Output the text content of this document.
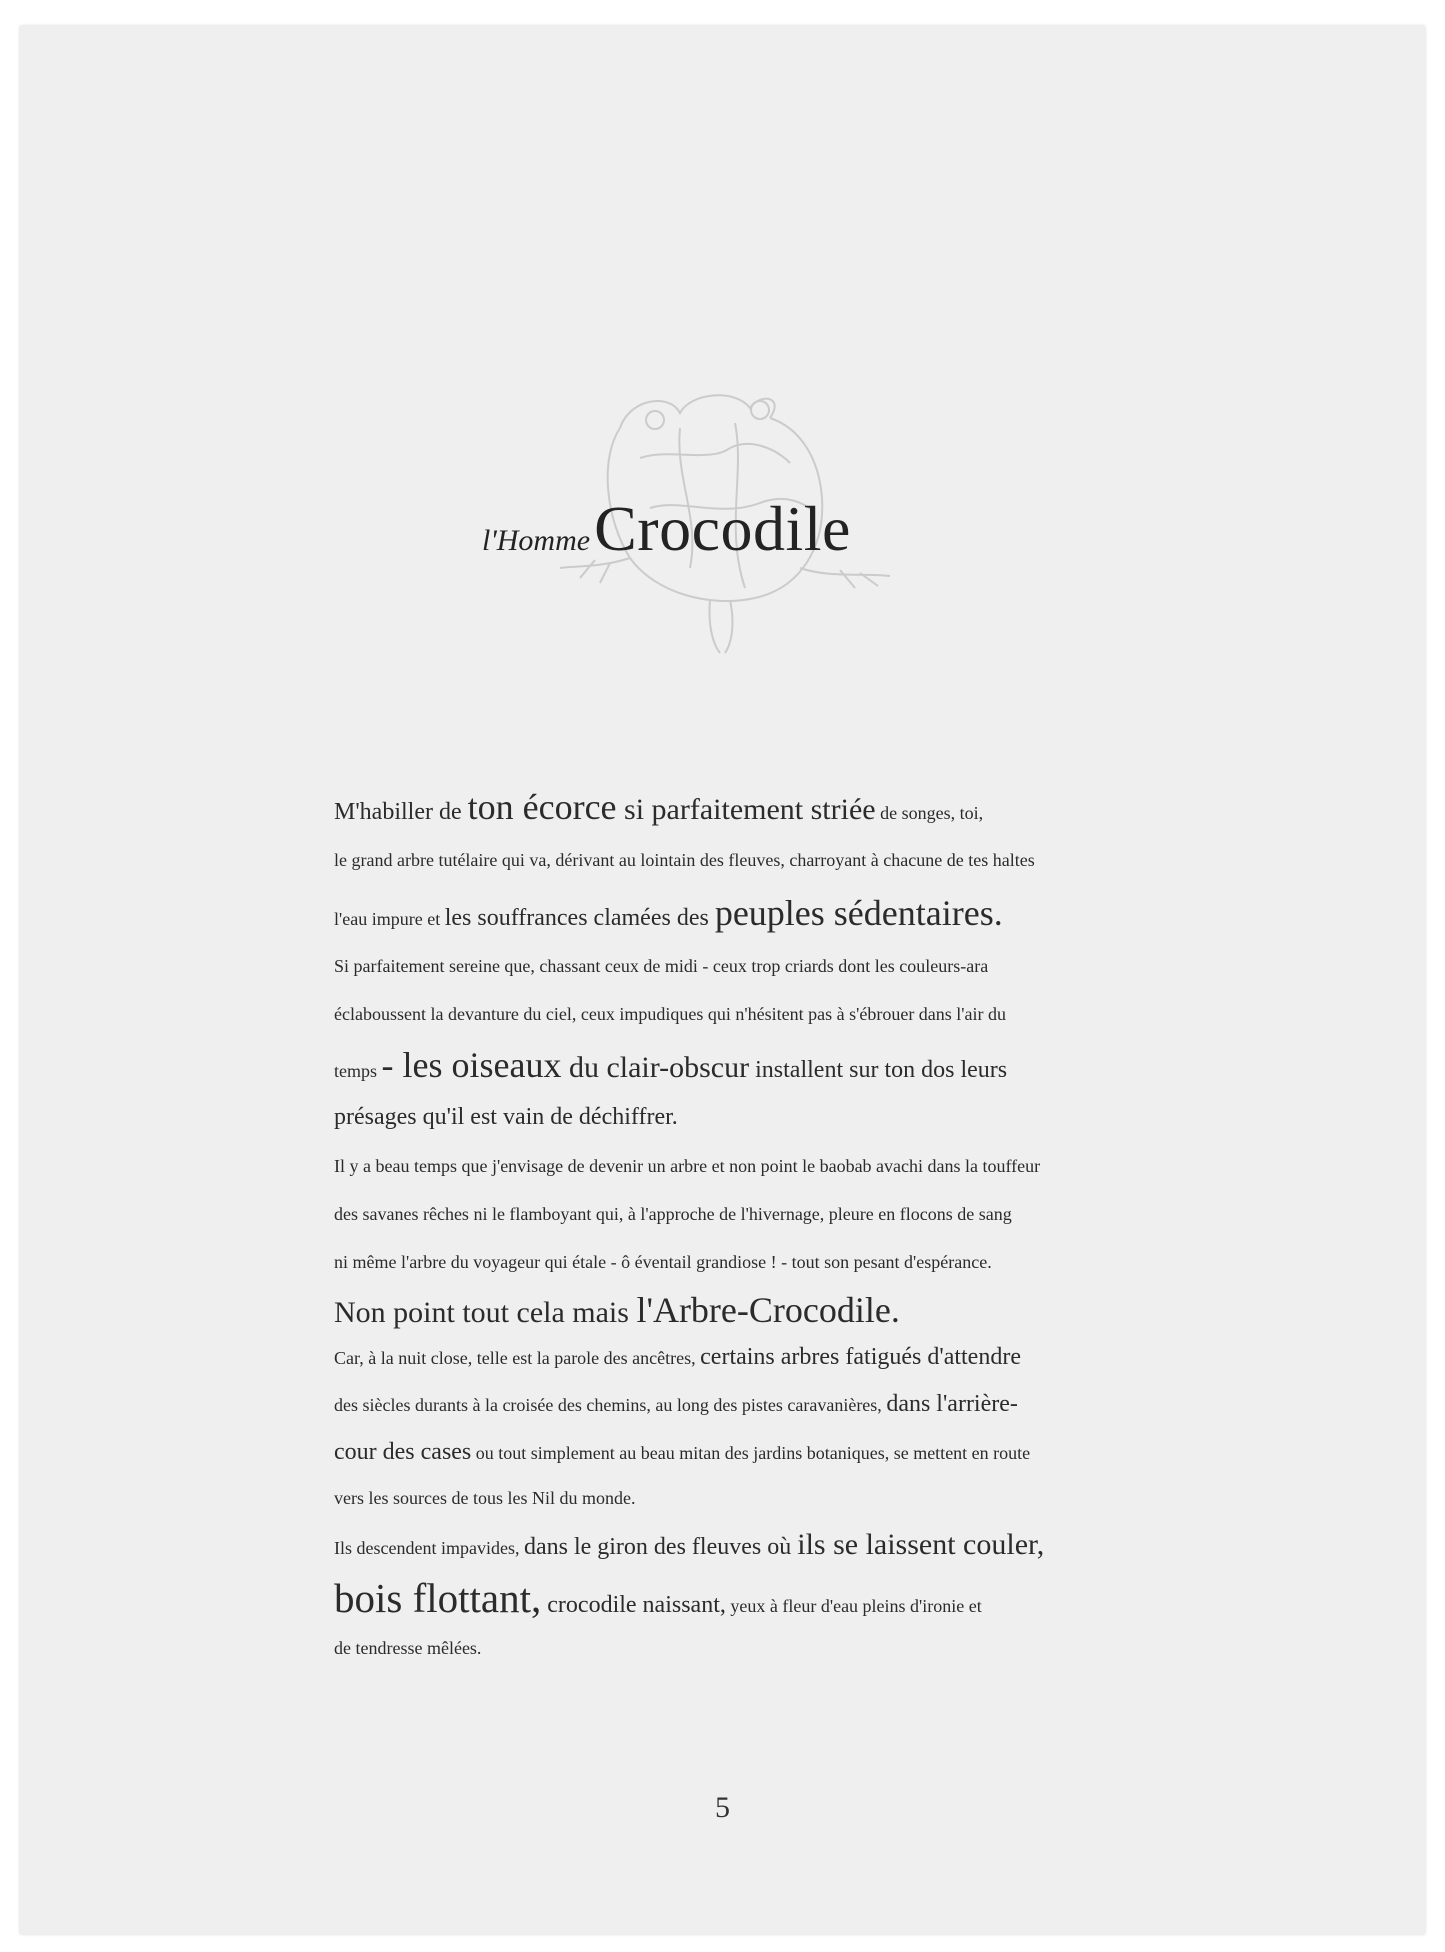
l'Homme Crocodile
M'habiller de ton écorce si parfaitement striée de songes, toi,
le grand arbre tutélaire qui va, dérivant au lointain des fleuves, charroyant à chacune de tes haltes
l'eau impure et les souffrances clamées des peuples sédentaires.
Si parfaitement sereine que, chassant ceux de midi - ceux trop criards dont les couleurs-ara
éclaboussent la devanture du ciel, ceux impudiques qui n'hésitent pas à s'ébrouer dans l'air du
temps - les oiseaux du clair-obscur installent sur ton dos leurs
présages qu'il est vain de déchiffrer.
Il y a beau temps que j'envisage de devenir un arbre et non point le baobab avachi dans la touffeur
des savanes rêches ni le flamboyant qui, à l'approche de l'hivernage, pleure en flocons de sang
ni même l'arbre du voyageur qui étale - ô éventail grandiose ! - tout son pesant d'espérance.
Non point tout cela mais l'Arbre-Crocodile.
Car, à la nuit close, telle est la parole des ancêtres, certains arbres fatigués d'attendre
des siècles durants à la croisée des chemins, au long des pistes caravanières, dans l'arrière-
cour des cases ou tout simplement au beau mitan des jardins botaniques, se mettent en route
vers les sources de tous les Nil du monde.
Ils descendent impavides, dans le giron des fleuves où ils se laissent couler,
bois flottant, crocodile naissant, yeux à fleur d'eau pleins d'ironie et
de tendresse mêlées.
5
